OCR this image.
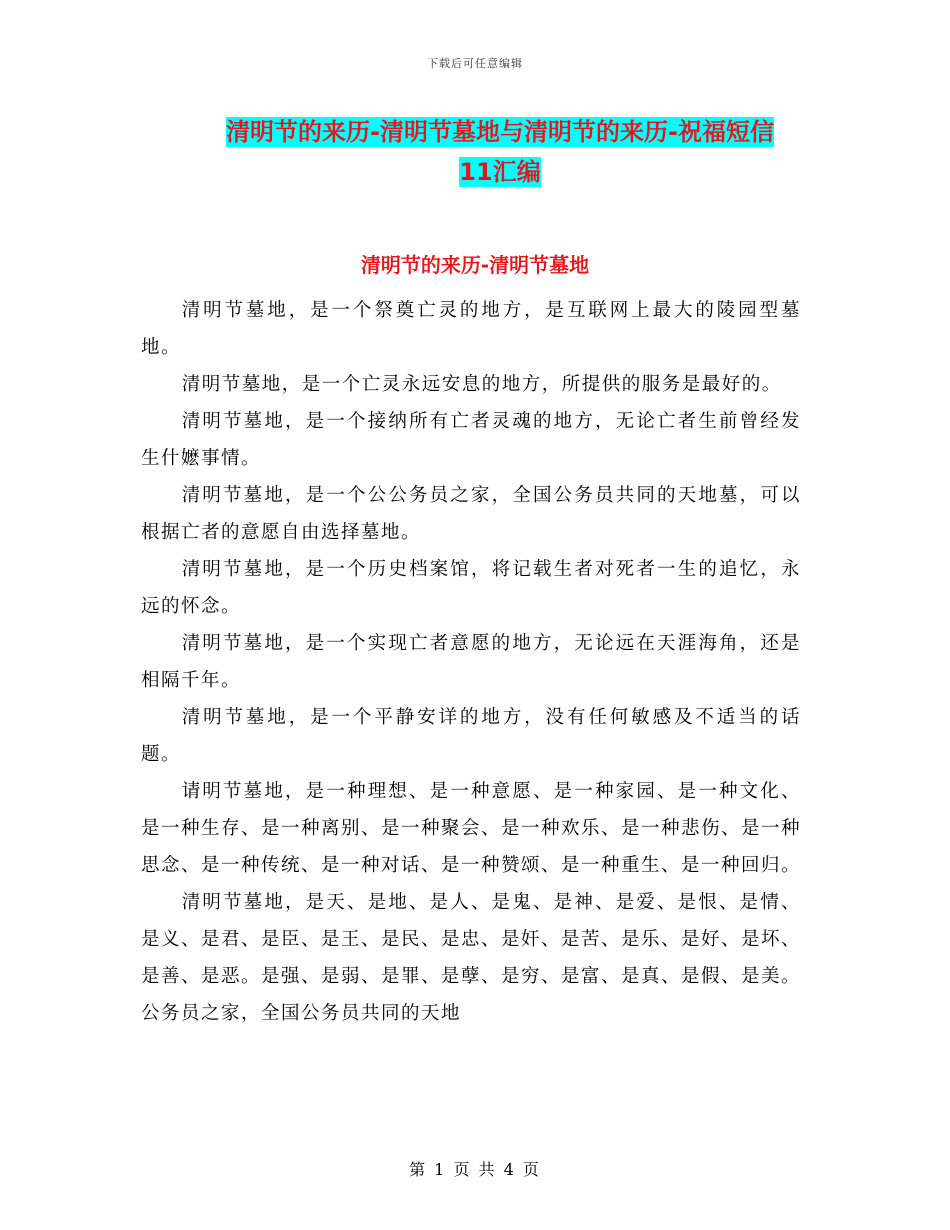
下载后可任意编辑
清明节的来历-清明节墓地与清明节的来历-祝福短信
11汇编
清明节的来历-清明节墓地

清明节墓地，是一个祭奠亡灵的地方，是互联网上最大的陵园型墓地。

清明节墓地，是一个亡灵永远安息的地方，所提供的服务是最好的。

清明节墓地，是一个接纳所有亡者灵魂的地方，无论亡者生前曾经发生什嬷事情。

清明节墓地，是一个公公务员之家，全国公务员共同的天地墓，可以根据亡者的意愿自由选择墓地。

清明节墓地，是一个历史档案馆，将记载生者对死者一生的追忆，永远的怀念。

清明节墓地，是一个实现亡者意愿的地方，无论远在天涯海角，还是相隔千年。

清明节墓地，是一个平静安详的地方，没有任何敏感及不适当的话题。

请明节墓地，是一种理想、是一种意愿、是一种家园、是一种文化、是一种生存、是一种离别、是一种聚会、是一种欢乐、是一种悲伤、是一种思念、是一种传统、是一种对话、是一种赞颂、是一种重生、是一种回归。

清明节墓地，是天、是地、是人、是鬼、是神、是爱、是恨、是情、是义、是君、是臣、是王、是民、是忠、是奸、是苦、是乐、是好、是坏、是善、是恶。是强、是弱、是罪、是孽、是穷、是富、是真、是假、是美。公务员之家，全国公务员共同的天地

第 1 页 共 4 页
